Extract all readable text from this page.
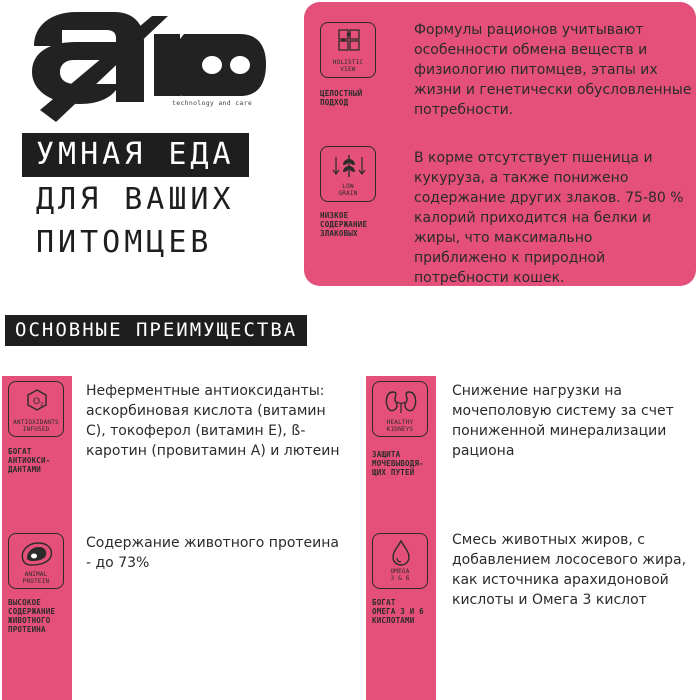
technology and care
УМНАЯ ЕДА
ДЛЯ ВАШИХ
ПИТОМЦЕВ
HOLISTIC
VIEW
ЦЕЛОСТНЫЙ
ПОДХОД
Формулы рационов учитывают особенности обмена веществ и физиологию питомцев, этапы их жизни и генетически обусловленные потребности.
LOW
GRAIN
НИЗКОЕ
СОДЕРЖАНИЕ
ЗЛАКОВЫХ
В корме отсутствует пшеница и кукуруза, а также понижено содержание других злаков. 75-80 % калорий приходится на белки и жиры, что максимально приближено к природной потребности кошек.
ОСНОВНЫЕ ПРЕИМУЩЕСТВА
O 2
ANTIOXIDANTS
INFUSED
БОГАТ
АНТИОКСИ-
ДАНТАМИ
Неферментные антиоксиданты: аскорбиновая кислота (витамин С), токоферол (витамин Е), ß-каротин (провитамин А) и лютеин
HEALTHY
KIDNEYS
ЗАЩИТА
МОЧЕВЫВОДЯ-
ЩИХ ПУТЕЙ
Снижение нагрузки на мочеполовую систему за счет пониженной минерализации рациона
ANIMAL
PROTEIN
ВЫСОКОЕ
СОДЕРЖАНИЕ
ЖИВОТНОГО
ПРОТЕИНА
Содержание животного протеина - до 73%
OMEGA
3 & 6
БОГАТ
ОМЕГА 3 И 6
КИСЛОТАМИ
Смесь животных жиров, с добавлением лососевого жира, как источника арахидоновой кислоты и Омега 3 кислот
